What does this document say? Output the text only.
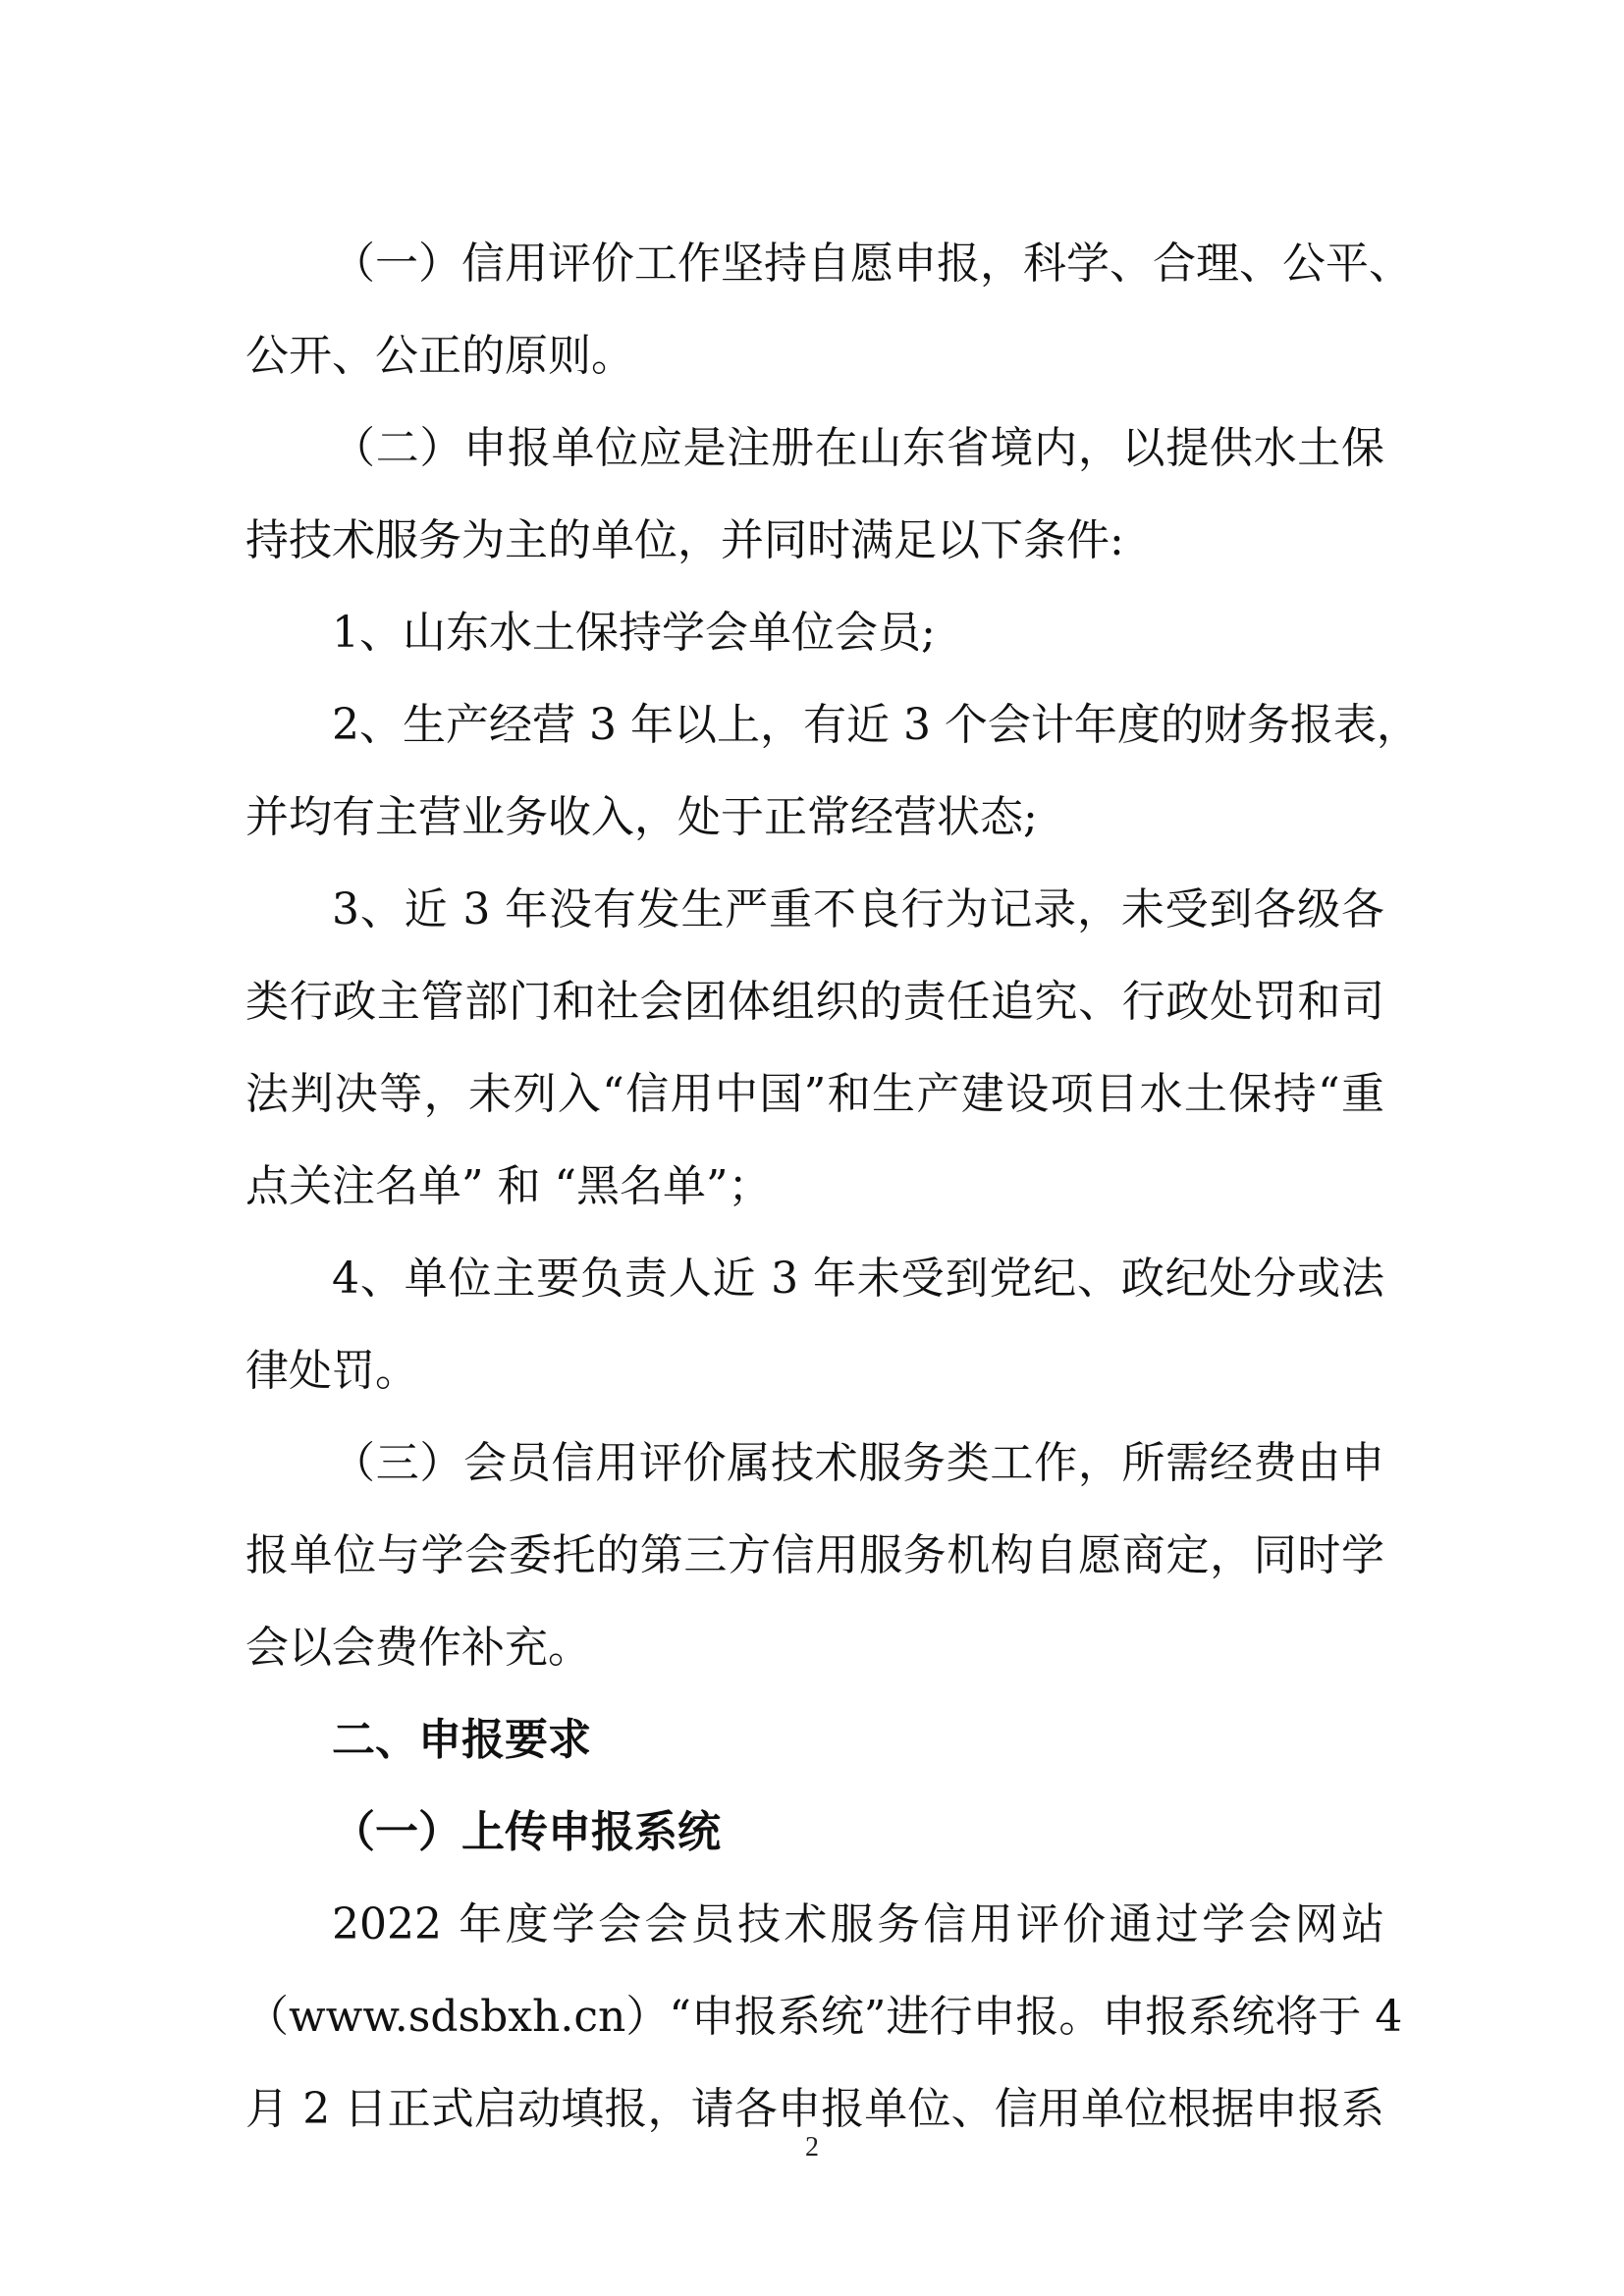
（一）信用评价工作坚持自愿申报，科学、合理、公平、
公开、公正的原则。
（二）申报单位应是注册在山东省境内，以提供水土保
持技术服务为主的单位，并同时满足以下条件:
1、山东水土保持学会单位会员;
2、生产经营 3 年以上，有近 3 个会计年度的财务报表，
并均有主营业务收入，处于正常经营状态;
3、近 3 年没有发生严重不良行为记录，未受到各级各
类行政主管部门和社会团体组织的责任追究、行政处罚和司
法判决等，未列入“信用中国”和生产建设项目水土保持“重
点关注名单” 和 “黑名单”；
4、单位主要负责人近 3 年未受到党纪、政纪处分或法
律处罚。
（三）会员信用评价属技术服务类工作，所需经费由申
报单位与学会委托的第三方信用服务机构自愿商定，同时学
会以会费作补充。
二、申报要求
（一）上传申报系统
2022 年度学会会员技术服务信用评价通过学会网站
（www.sdsbxh.cn）“申报系统”进行申报。申报系统将于 4
月 2 日正式启动填报，请各申报单位、信用单位根据申报系
2
